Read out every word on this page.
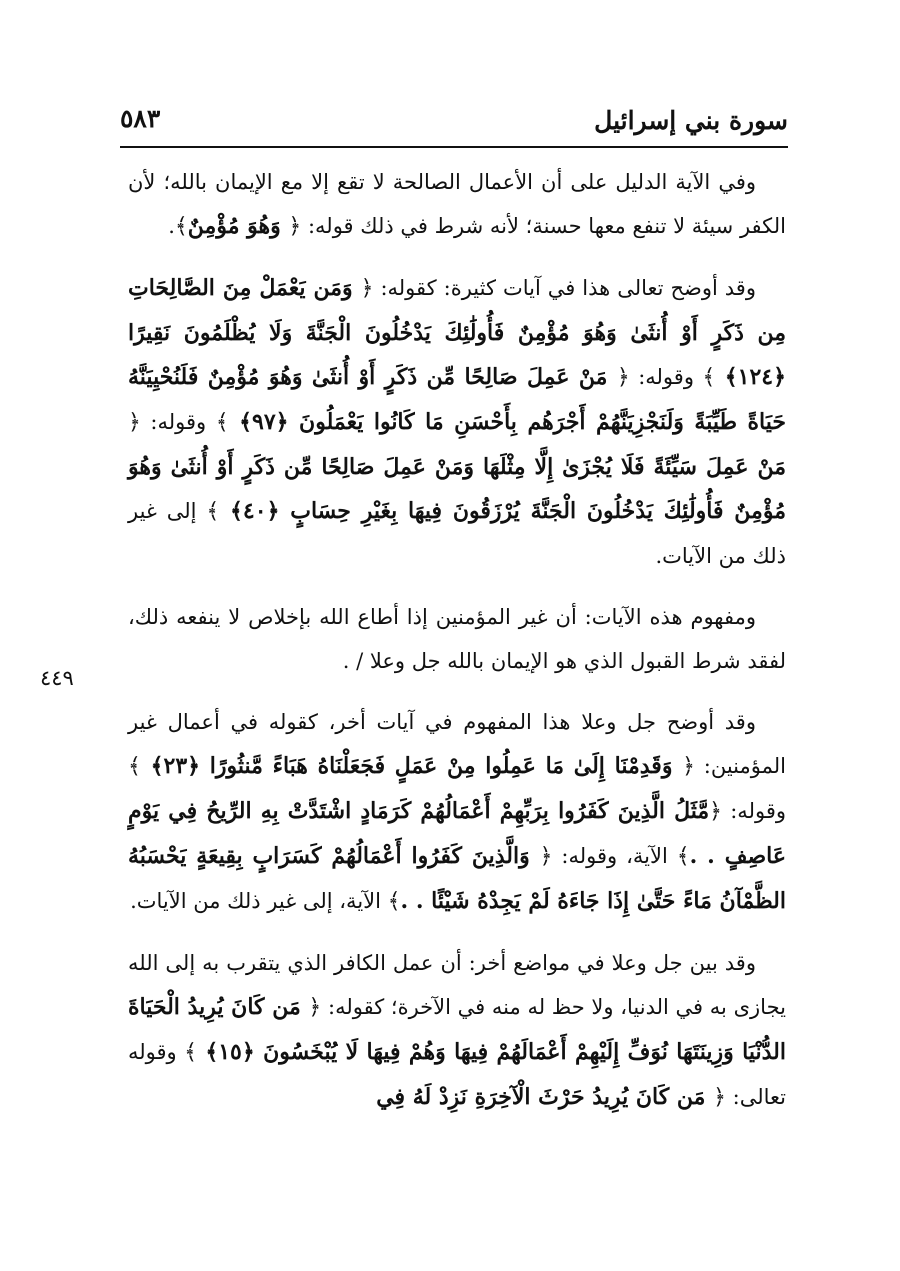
سورة بني إسرائيل
٥٨٣
٤٤٩

وفي الآية الدليل على أن الأعمال الصالحة لا تقع إلا مع الإيمان بالله؛ لأن الكفر سيئة لا تنفع معها حسنة؛ لأنه شرط في ذلك قوله: ﴿ وَهُوَ مُؤْمِنٌ﴾.

وقد أوضح تعالى هذا في آيات كثيرة: كقوله: ﴿ وَمَن يَعْمَلْ مِنَ الصَّالِحَاتِ مِن ذَكَرٍ أَوْ أُنثَىٰ وَهُوَ مُؤْمِنٌ فَأُولَٰئِكَ يَدْخُلُونَ الْجَنَّةَ وَلَا يُظْلَمُونَ نَقِيرًا ﴿١٢٤﴾ ﴾ وقوله: ﴿ مَنْ عَمِلَ صَالِحًا مِّن ذَكَرٍ أَوْ أُنثَىٰ وَهُوَ مُؤْمِنٌ فَلَنُحْيِيَنَّهُ حَيَاةً طَيِّبَةً وَلَنَجْزِيَنَّهُمْ أَجْرَهُم بِأَحْسَنِ مَا كَانُوا يَعْمَلُونَ ﴿٩٧﴾ ﴾ وقوله: ﴿ مَنْ عَمِلَ سَيِّئَةً فَلَا يُجْزَىٰ إِلَّا مِثْلَهَا وَمَنْ عَمِلَ صَالِحًا مِّن ذَكَرٍ أَوْ أُنثَىٰ وَهُوَ مُؤْمِنٌ فَأُولَٰئِكَ يَدْخُلُونَ الْجَنَّةَ يُرْزَقُونَ فِيهَا بِغَيْرِ حِسَابٍ ﴿٤٠﴾ ﴾ إلى غير ذلك من الآيات.

ومفهوم هذه الآيات: أن غير المؤمنين إذا أطاع الله بإخلاص لا ينفعه ذلك، لفقد شرط القبول الذي هو الإيمان بالله جل وعلا / .

وقد أوضح جل وعلا هذا المفهوم في آيات أخر، كقوله في أعمال غير المؤمنين: ﴿ وَقَدِمْنَا إِلَىٰ مَا عَمِلُوا مِنْ عَمَلٍ فَجَعَلْنَاهُ هَبَاءً مَّنثُورًا ﴿٢٣﴾ ﴾ وقوله: ﴿مَّثَلُ الَّذِينَ كَفَرُوا بِرَبِّهِمْ أَعْمَالُهُمْ كَرَمَادٍ اشْتَدَّتْ بِهِ الرِّيحُ فِي يَوْمٍ عَاصِفٍ . .﴾ الآية، وقوله: ﴿ وَالَّذِينَ كَفَرُوا أَعْمَالُهُمْ كَسَرَابٍ بِقِيعَةٍ يَحْسَبُهُ الظَّمْآنُ مَاءً حَتَّىٰ إِذَا جَاءَهُ لَمْ يَجِدْهُ شَيْئًا . .﴾ الآية، إلى غير ذلك من الآيات.

وقد بين جل وعلا في مواضع أخر: أن عمل الكافر الذي يتقرب به إلى الله يجازى به في الدنيا، ولا حظ له منه في الآخرة؛ كقوله: ﴿ مَن كَانَ يُرِيدُ الْحَيَاةَ الدُّنْيَا وَزِينَتَهَا نُوَفِّ إِلَيْهِمْ أَعْمَالَهُمْ فِيهَا وَهُمْ فِيهَا لَا يُبْخَسُونَ ﴿١٥﴾ ﴾ وقوله تعالى: ﴿ مَن كَانَ يُرِيدُ حَرْثَ الْآخِرَةِ نَزِدْ لَهُ فِي
